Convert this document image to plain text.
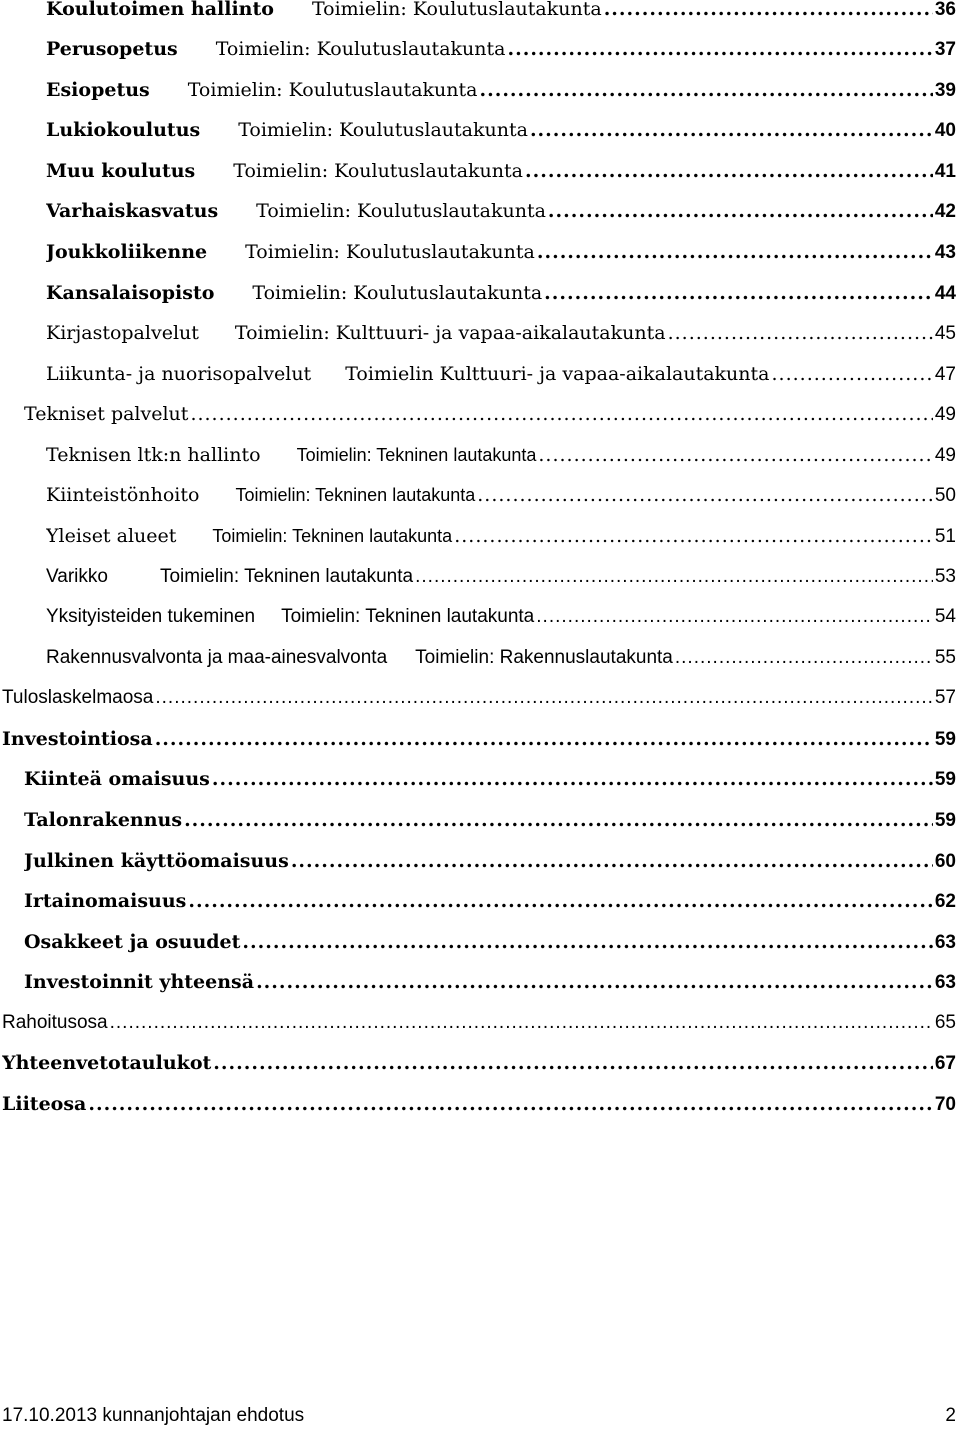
Koulutoimen hallinto Toimielin: Koulutuslautakunta .....	36
Perusopetus Toimielin: Koulutuslautakunta .....	37
Esiopetus Toimielin: Koulutuslautakunta .....	39
Lukiokoulutus Toimielin: Koulutuslautakunta .....	40
Muu koulutus Toimielin: Koulutuslautakunta .....	41
Varhaiskasvatus Toimielin: Koulutuslautakunta .....	42
Joukkoliikenne Toimielin: Koulutuslautakunta .....	43
Kansalaisopisto Toimielin: Koulutuslautakunta .....	44
Kirjastopalvelut Toimielin: Kulttuuri- ja vapaa-aikalautakunta .....	45
Liikunta- ja nuorisopalvelut Toimielin Kulttuuri- ja vapaa-aikalautakunta .....	47
Tekniset palvelut .....	49
Teknisen ltk:n hallinto Toimielin: Tekninen lautakunta .....	49
Kiinteistönhoito Toimielin: Tekninen lautakunta .....	50
Yleiset alueet Toimielin: Tekninen lautakunta .....	51
Varikko	Toimielin: Tekninen lautakunta .....	53
Yksityisteiden tukeminen Toimielin: Tekninen lautakunta .....	54
Rakennusvalvonta ja maa-ainesvalvonta Toimielin: Rakennuslautakunta .....	55
Tuloslaskelmaosa .....	57
Investointiosa .....	59
Kiinteä omaisuus .....	59
Talonrakennus .....	59
Julkinen käyttöomaisuus .....	60
Irtainomaisuus .....	62
Osakkeet ja osuudet .....	63
Investoinnit yhteensä .....	63
Rahoitusosa .....	65
Yhteenvetotaulukot .....	67
Liiteosa .....	70
17.10.2013 kunnanjohtajan ehdotus	2
